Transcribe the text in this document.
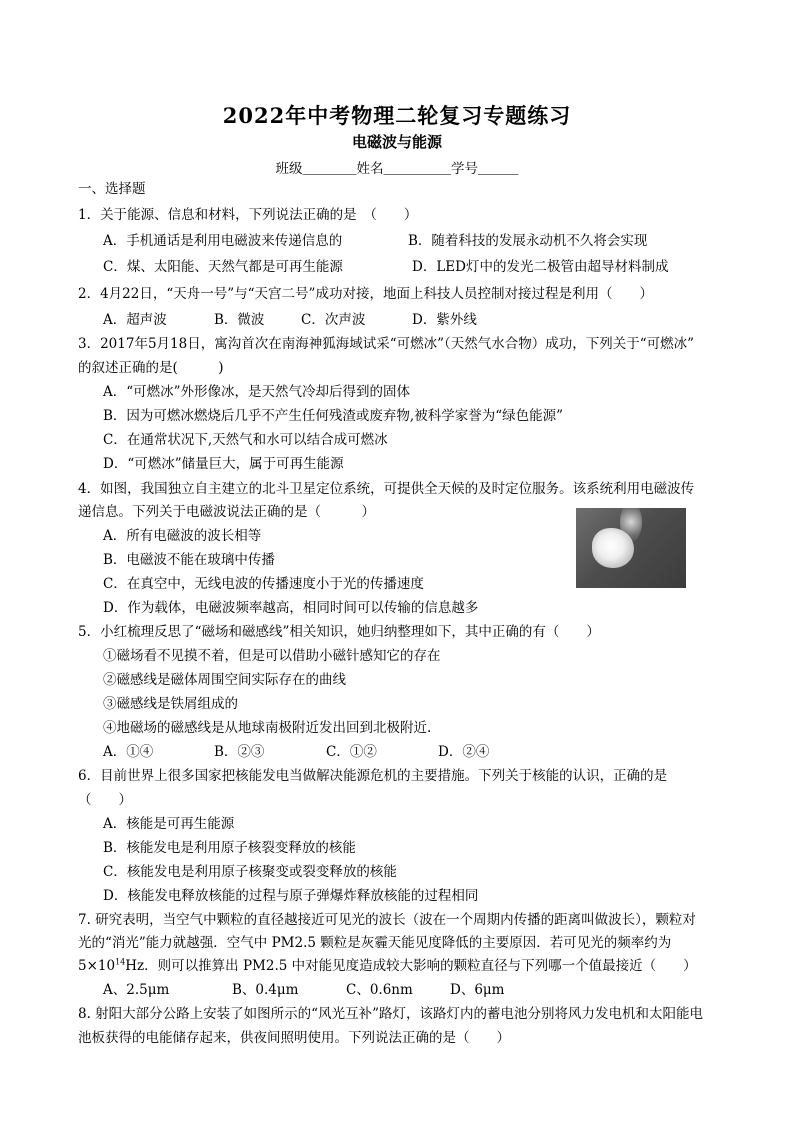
2022年中考物理二轮复习专题练习
电磁波与能源
班级＿＿＿＿姓名＿＿＿＿＿学号＿＿＿
一、选择题
1．关于能源、信息和材料，下列说法正确的是　（　　）
A．手机通话是利用电磁波来传递信息的	B．随着科技的发展永动机不久将会实现
C．煤、太阳能、天然气都是可再生能源	D．LED灯中的发光二极管由超导材料制成
2．4月22日，“天舟一号”与“天宫二号”成功对接，地面上科技人员控制对接过程是利用（　　）
A．超声波	B．微波	C．次声波	D．紫外线
3．2017年5月18日，寓沟首次在南海神狐海域试采“可燃冰”（天然气水合物）成功，下列关于“可燃冰”
的叙述正确的是(　　　)
A．“可燃冰”外形像冰，是天然气冷却后得到的固体
B．因为可燃冰燃烧后几乎不产生任何残渣或废弃物,被科学家誉为“绿色能源”
C．在通常状况下,天然气和水可以结合成可燃冰
D．“可燃冰”储量巨大，属于可再生能源
4．如图，我国独立自主建立的北斗卫星定位系统，可提供全天候的及时定位服务。该系统利用电磁波传
递信息。下列关于电磁波说法正确的是（　　　）
A．所有电磁波的波长相等
B．电磁波不能在玻璃中传播
C．在真空中，无线电波的传播速度小于光的传播速度
D．作为载体，电磁波频率越高，相同时间可以传输的信息越多
5．小红梳理反思了“磁场和磁感线”相关知识，她归纳整理如下，其中正确的有（　　）
①磁场看不见摸不着，但是可以借助小磁针感知它的存在
②磁感线是磁体周围空间实际存在的曲线
③磁感线是铁屑组成的
④地磁场的磁感线是从地球南极附近发出回到北极附近.
A．①④	B．②③	C．①②	D．②④
6．目前世界上很多国家把核能发电当做解决能源危机的主要措施。下列关于核能的认识，正确的是
（　　）
A．核能是可再生能源
B．核能发电是利用原子核裂变释放的核能
C．核能发电是利用原子核聚变或裂变释放的核能
D．核能发电释放核能的过程与原子弹爆炸释放核能的过程相同
7. 研究表明，当空气中颗粒的直径越接近可见光的波长（波在一个周期内传播的距离叫做波长），颗粒对
光的“消光”能力就越强．空气中 PM2.5 颗粒是灰霾天能见度降低的主要原因．若可见光的频率约为
$5\times 10^{14}Hz$．则可以推算出 PM2.5 中对能见度造成较大影响的颗粒直径与下列哪一个值最接近（　　）
A、2.5μm	B、0.4μm	C、0.6nm	D、6μm
8. 射阳大部分公路上安装了如图所示的“风光互补”路灯，该路灯内的蓄电池分别将风力发电机和太阳能电
池板获得的电能储存起来，供夜间照明使用。下列说法正确的是（　　）
